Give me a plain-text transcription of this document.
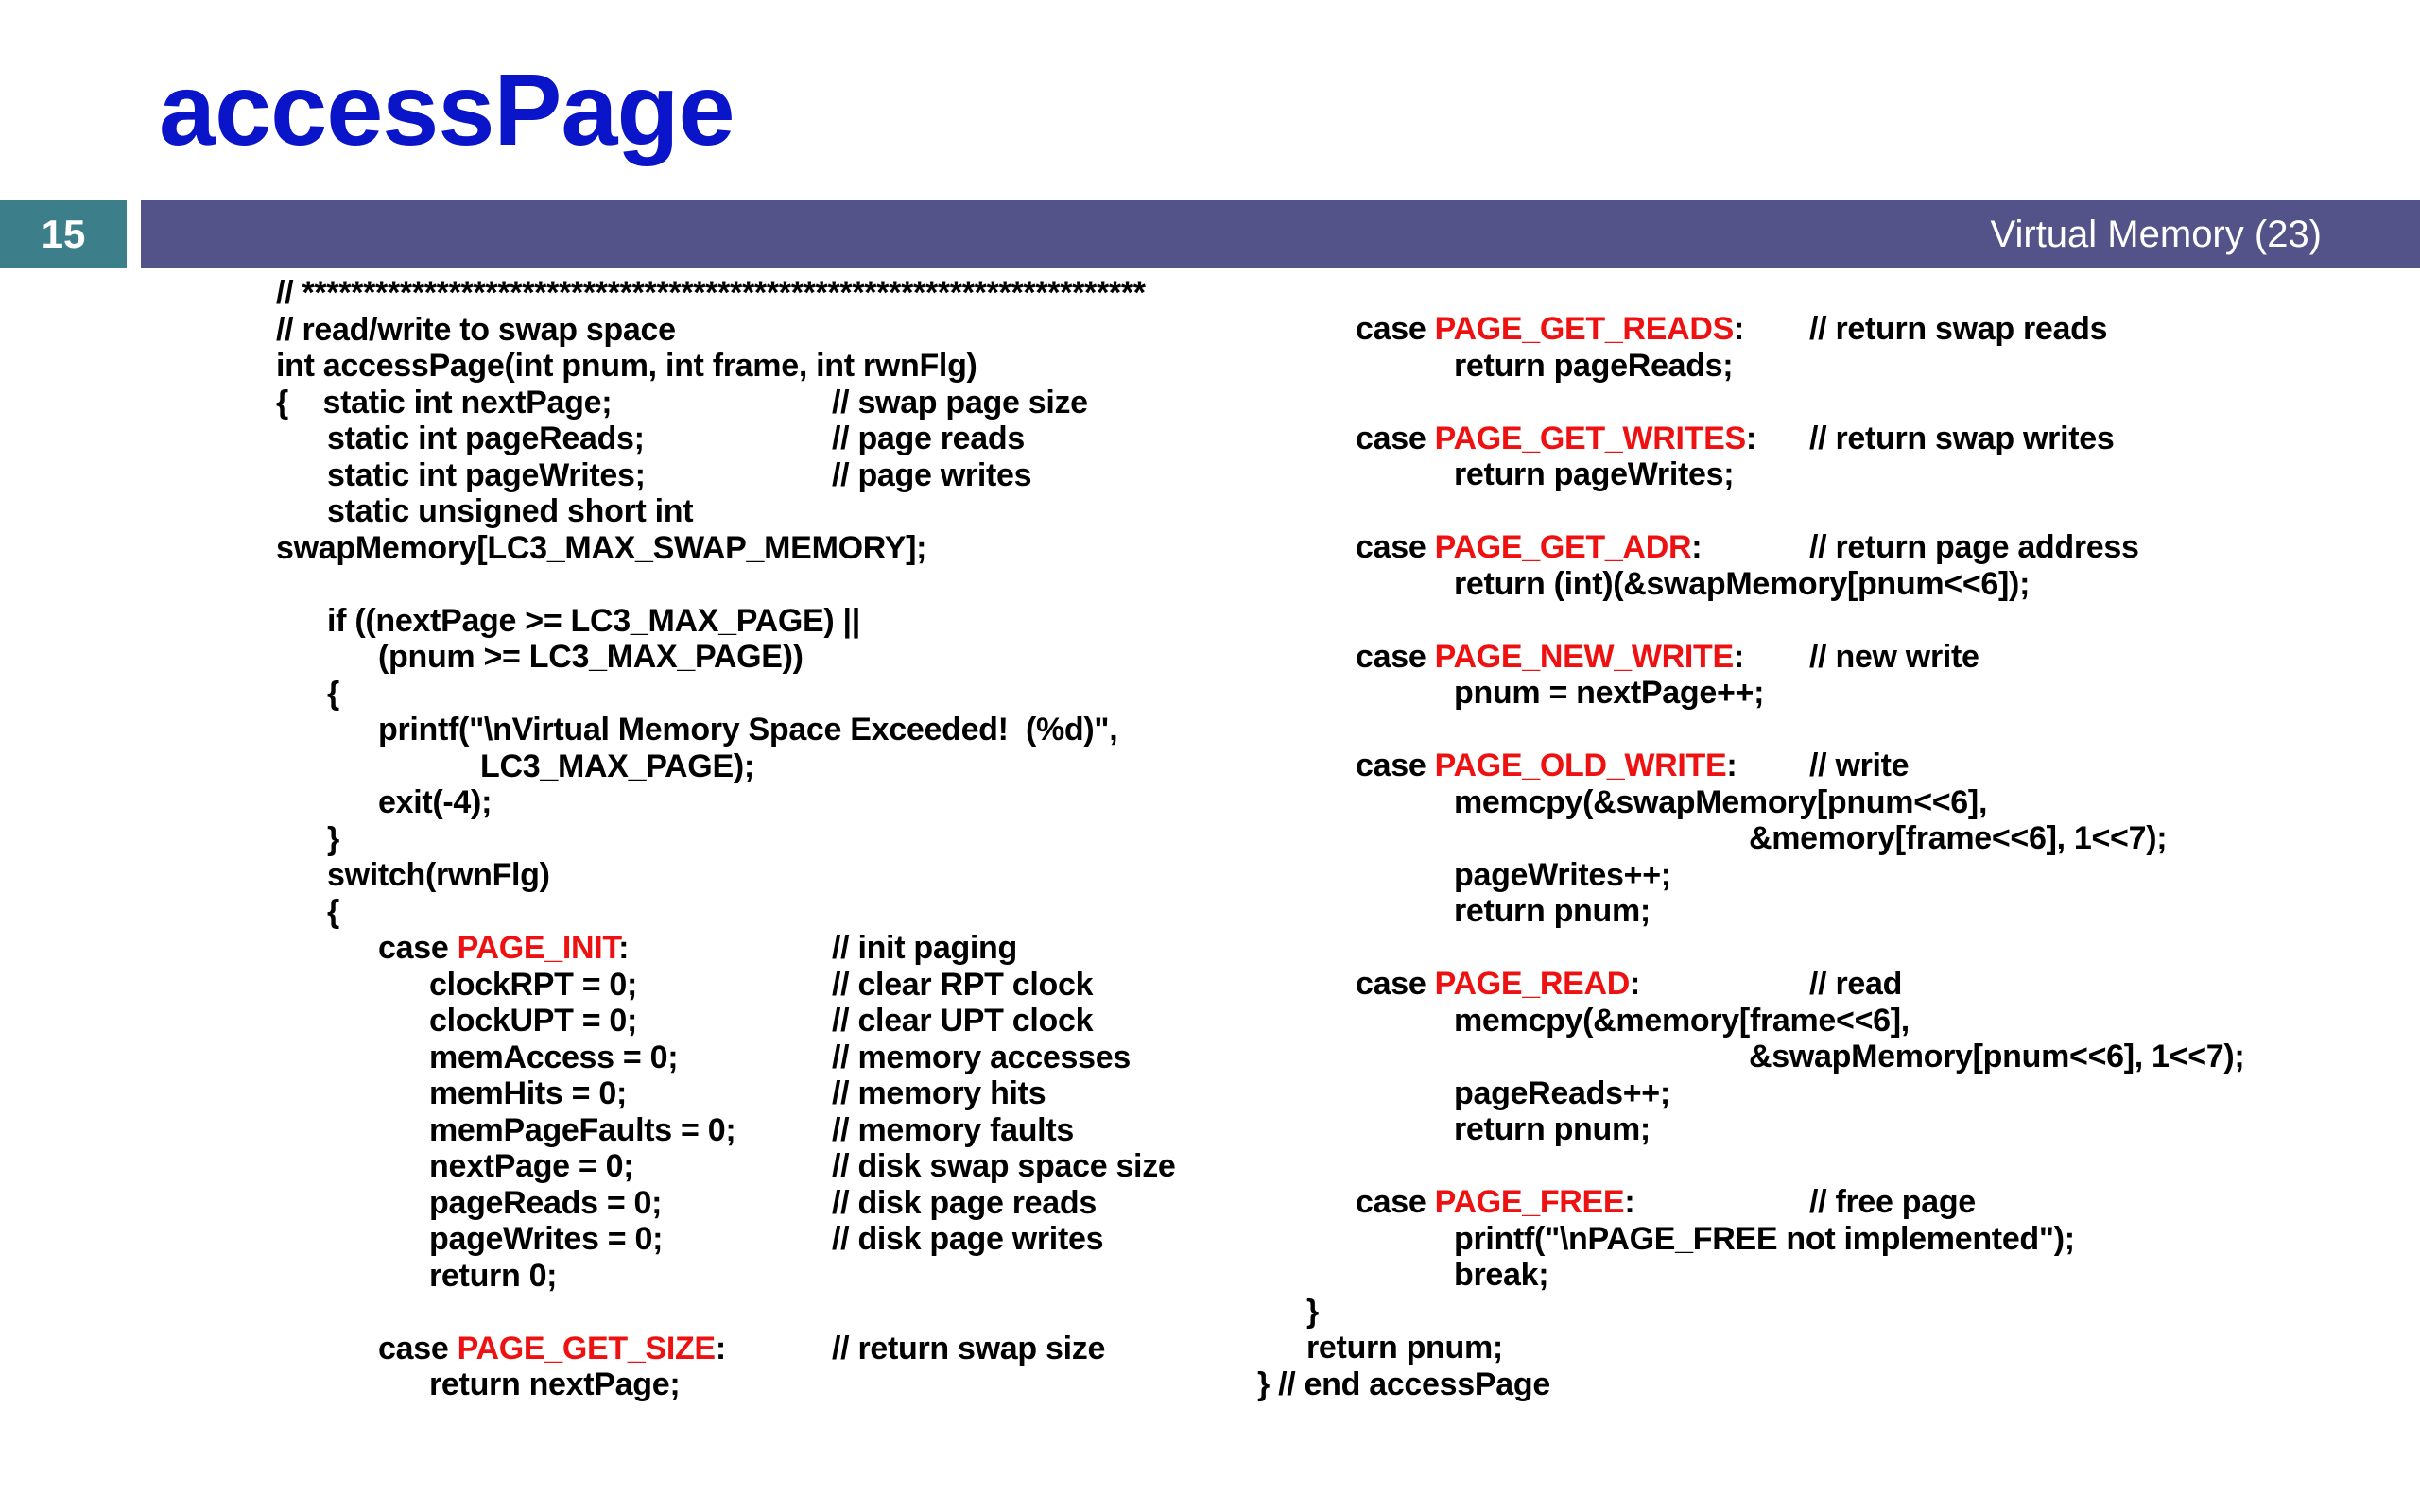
accessPage
15	Virtual Memory (23)
// *********************************************************************
// read/write to swap space
int accessPage(int pnum, int frame, int rwnFlg)
{    static int nextPage;	// swap page size
static int pageReads;	// page reads
static int pageWrites;	// page writes
static unsigned short int
swapMemory[LC3_MAX_SWAP_MEMORY];
if ((nextPage >= LC3_MAX_PAGE) ||
(pnum >= LC3_MAX_PAGE))
{
printf("\nVirtual Memory Space Exceeded!  (%d)",
LC3_MAX_PAGE);
exit(-4);
}
switch(rwnFlg)
{
case PAGE_INIT:	// init paging
clockRPT = 0;	// clear RPT clock
clockUPT = 0;	// clear UPT clock
memAccess = 0;	// memory accesses
memHits = 0;	// memory hits
memPageFaults = 0;	// memory faults
nextPage = 0;	// disk swap space size
pageReads = 0;	// disk page reads
pageWrites = 0;	// disk page writes
return 0;
case PAGE_GET_SIZE:	// return swap size
return nextPage;
case PAGE_GET_READS: // return swap reads
return pageReads;
case PAGE_GET_WRITES: // return swap writes
return pageWrites;
case PAGE_GET_ADR:	// return page address
return (int)(&swapMemory[pnum<<6]);
case PAGE_NEW_WRITE: // new write
pnum = nextPage++;
case PAGE_OLD_WRITE: // write
memcpy(&swapMemory[pnum<<6],
&memory[frame<<6], 1<<7);
pageWrites++;
return pnum;
case PAGE_READ:	// read
memcpy(&memory[frame<<6],
&swapMemory[pnum<<6], 1<<7);
pageReads++;
return pnum;
case PAGE_FREE:	// free page
printf("\nPAGE_FREE not implemented");
break;
}
return pnum;
} // end accessPage
